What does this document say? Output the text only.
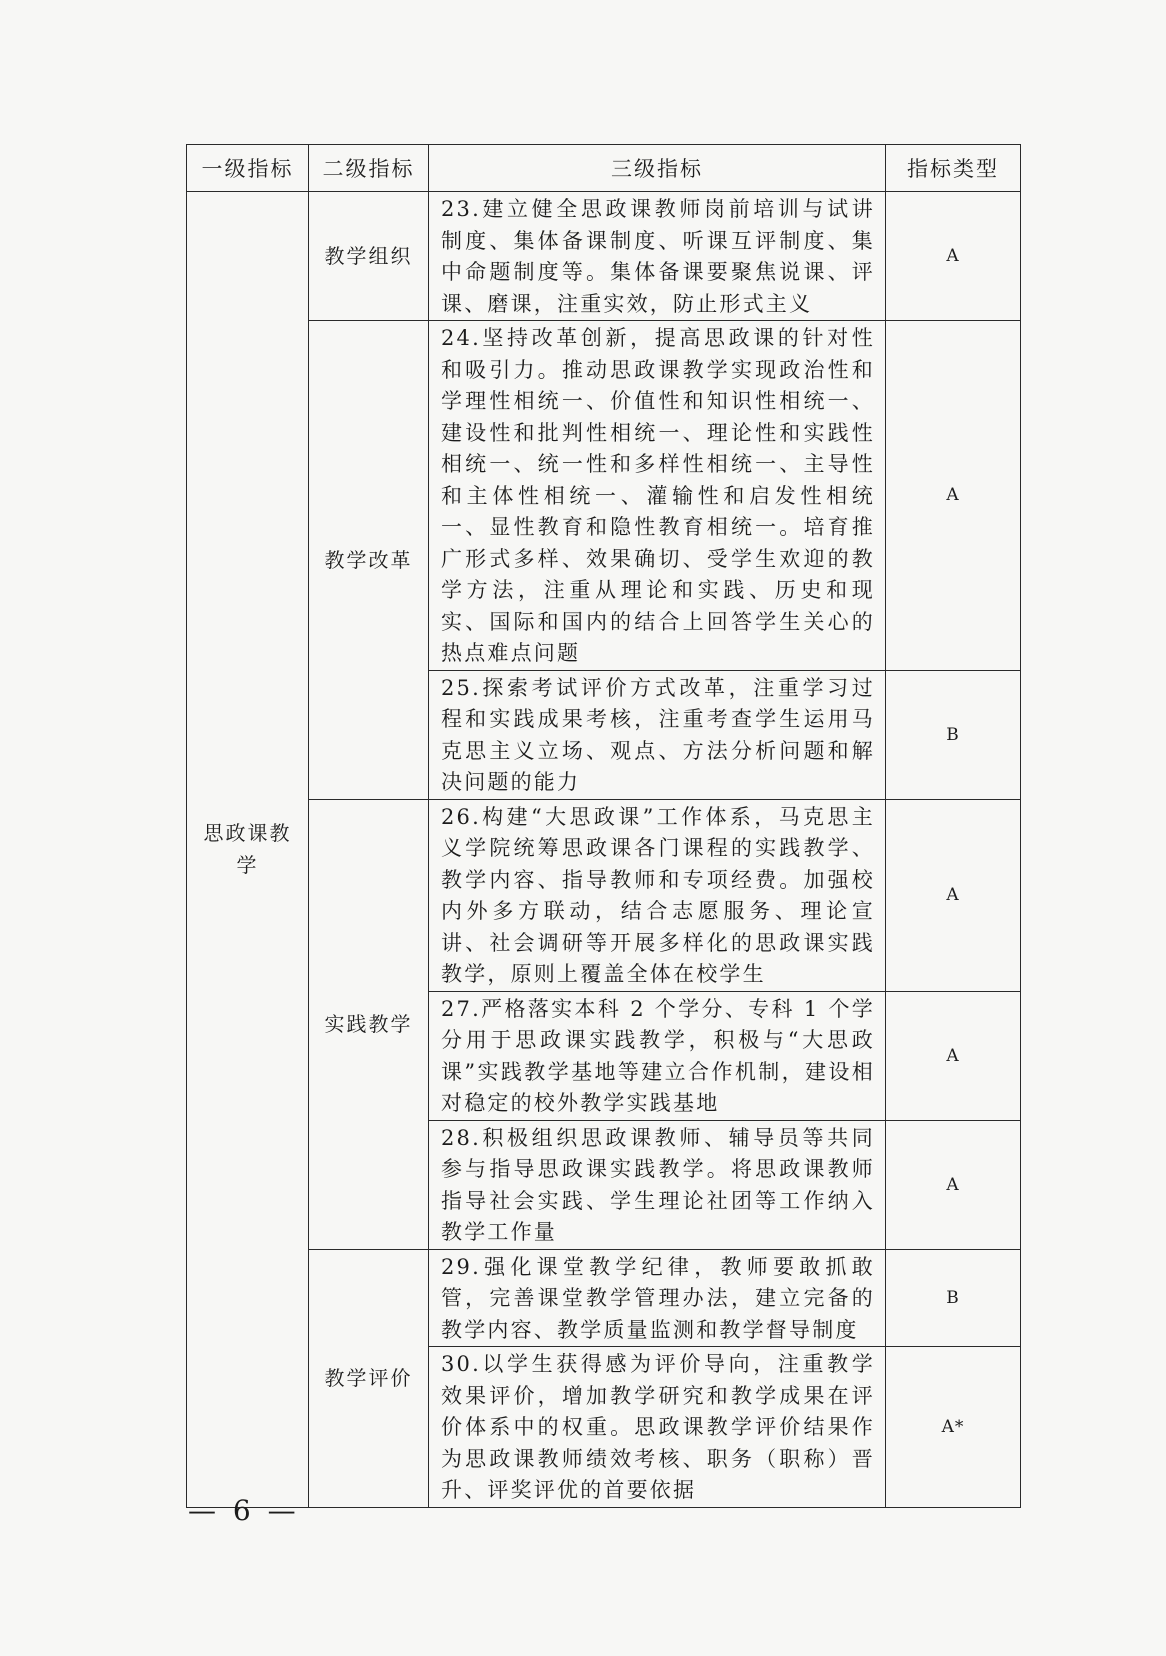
一级指标	二级指标	三级指标	指标类型
思政课教学	教学组织	23.建立健全思政课教师岗前培训与试讲制度、集体备课制度、听课互评制度、集中命题制度等。集体备课要聚焦说课、评课、磨课，注重实效，防止形式主义	A
	教学改革	24.坚持改革创新，提高思政课的针对性和吸引力。推动思政课教学实现政治性和学理性相统一、价值性和知识性相统一、建设性和批判性相统一、理论性和实践性相统一、统一性和多样性相统一、主导性和主体性相统一、灌输性和启发性相统一、显性教育和隐性教育相统一。培育推广形式多样、效果确切、受学生欢迎的教学方法，注重从理论和实践、历史和现实、国际和国内的结合上回答学生关心的热点难点问题	A
		25.探索考试评价方式改革，注重学习过程和实践成果考核，注重考查学生运用马克思主义立场、观点、方法分析问题和解决问题的能力	B
	实践教学	26.构建“大思政课”工作体系，马克思主义学院统筹思政课各门课程的实践教学、教学内容、指导教师和专项经费。加强校内外多方联动，结合志愿服务、理论宣讲、社会调研等开展多样化的思政课实践教学，原则上覆盖全体在校学生	A
		27.严格落实本科 2 个学分、专科 1 个学分用于思政课实践教学，积极与“大思政课”实践教学基地等建立合作机制，建设相对稳定的校外教学实践基地	A
		28.积极组织思政课教师、辅导员等共同参与指导思政课实践教学。将思政课教师指导社会实践、学生理论社团等工作纳入教学工作量	A
	教学评价	29.强化课堂教学纪律，教师要敢抓敢管，完善课堂教学管理办法，建立完备的教学内容、教学质量监测和教学督导制度	B
		30.以学生获得感为评价导向，注重教学效果评价，增加教学研究和教学成果在评价体系中的权重。思政课教学评价结果作为思政课教师绩效考核、职务（职称）晋升、评奖评优的首要依据	A*
— 6 —
